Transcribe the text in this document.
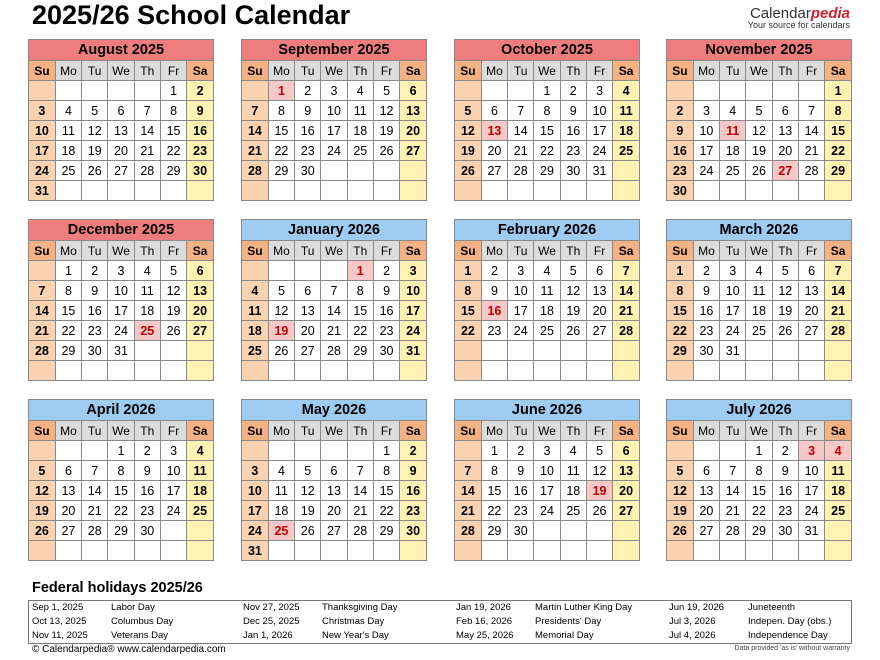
2025/26 School Calendar	Calendarpedia
Your source for calendars
August 2025
Su	Mo	Tu	We	Th	Fr	Sa
					1	2
3	4	5	6	7	8	9
10	11	12	13	14	15	16
17	18	19	20	21	22	23
24	25	26	27	28	29	30
31						
September 2025
Su	Mo	Tu	We	Th	Fr	Sa
	1	2	3	4	5	6
7	8	9	10	11	12	13
14	15	16	17	18	19	20
21	22	23	24	25	26	27
28	29	30				

October 2025
Su	Mo	Tu	We	Th	Fr	Sa
			1	2	3	4
5	6	7	8	9	10	11
12	13	14	15	16	17	18
19	20	21	22	23	24	25
26	27	28	29	30	31	

November 2025
Su	Mo	Tu	We	Th	Fr	Sa
						1
2	3	4	5	6	7	8
9	10	11	12	13	14	15
16	17	18	19	20	21	22
23	24	25	26	27	28	29
30						
December 2025
Su	Mo	Tu	We	Th	Fr	Sa
	1	2	3	4	5	6
7	8	9	10	11	12	13
14	15	16	17	18	19	20
21	22	23	24	25	26	27
28	29	30	31			

January 2026
Su	Mo	Tu	We	Th	Fr	Sa
				1	2	3
4	5	6	7	8	9	10
11	12	13	14	15	16	17
18	19	20	21	22	23	24
25	26	27	28	29	30	31

February 2026
Su	Mo	Tu	We	Th	Fr	Sa
1	2	3	4	5	6	7
8	9	10	11	12	13	14
15	16	17	18	19	20	21
22	23	24	25	26	27	28

March 2026
Su	Mo	Tu	We	Th	Fr	Sa
1	2	3	4	5	6	7
8	9	10	11	12	13	14
15	16	17	18	19	20	21
22	23	24	25	26	27	28
29	30	31				

April 2026
Su	Mo	Tu	We	Th	Fr	Sa
			1	2	3	4
5	6	7	8	9	10	11
12	13	14	15	16	17	18
19	20	21	22	23	24	25
26	27	28	29	30		

May 2026
Su	Mo	Tu	We	Th	Fr	Sa
					1	2
3	4	5	6	7	8	9
10	11	12	13	14	15	16
17	18	19	20	21	22	23
24	25	26	27	28	29	30
31						
June 2026
Su	Mo	Tu	We	Th	Fr	Sa
	1	2	3	4	5	6
7	8	9	10	11	12	13
14	15	16	17	18	19	20
21	22	23	24	25	26	27
28	29	30				

July 2026
Su	Mo	Tu	We	Th	Fr	Sa
			1	2	3	4
5	6	7	8	9	10	11
12	13	14	15	16	17	18
19	20	21	22	23	24	25
26	27	28	29	30	31	

Federal holidays 2025/26
Sep 1, 2025	Labor Day
Oct 13, 2025	Columbus Day
Nov 11, 2025 Veterans Day
Nov 27, 2025 Thanksgiving Day
Dec 25, 2025 Christmas Day
Jan 1, 2026	New Year's Day
Jan 19, 2026	Martin Luther King Day
Feb 16, 2026 Presidents' Day
May 25, 2026 Memorial Day
Jun 19, 2026	Juneteenth
Jul 3, 2026	Indepen. Day (obs.)
Jul 4, 2026	Independence Day
© Calendarpedia® www.calendarpedia.com	Data provided 'as is' without warranty
